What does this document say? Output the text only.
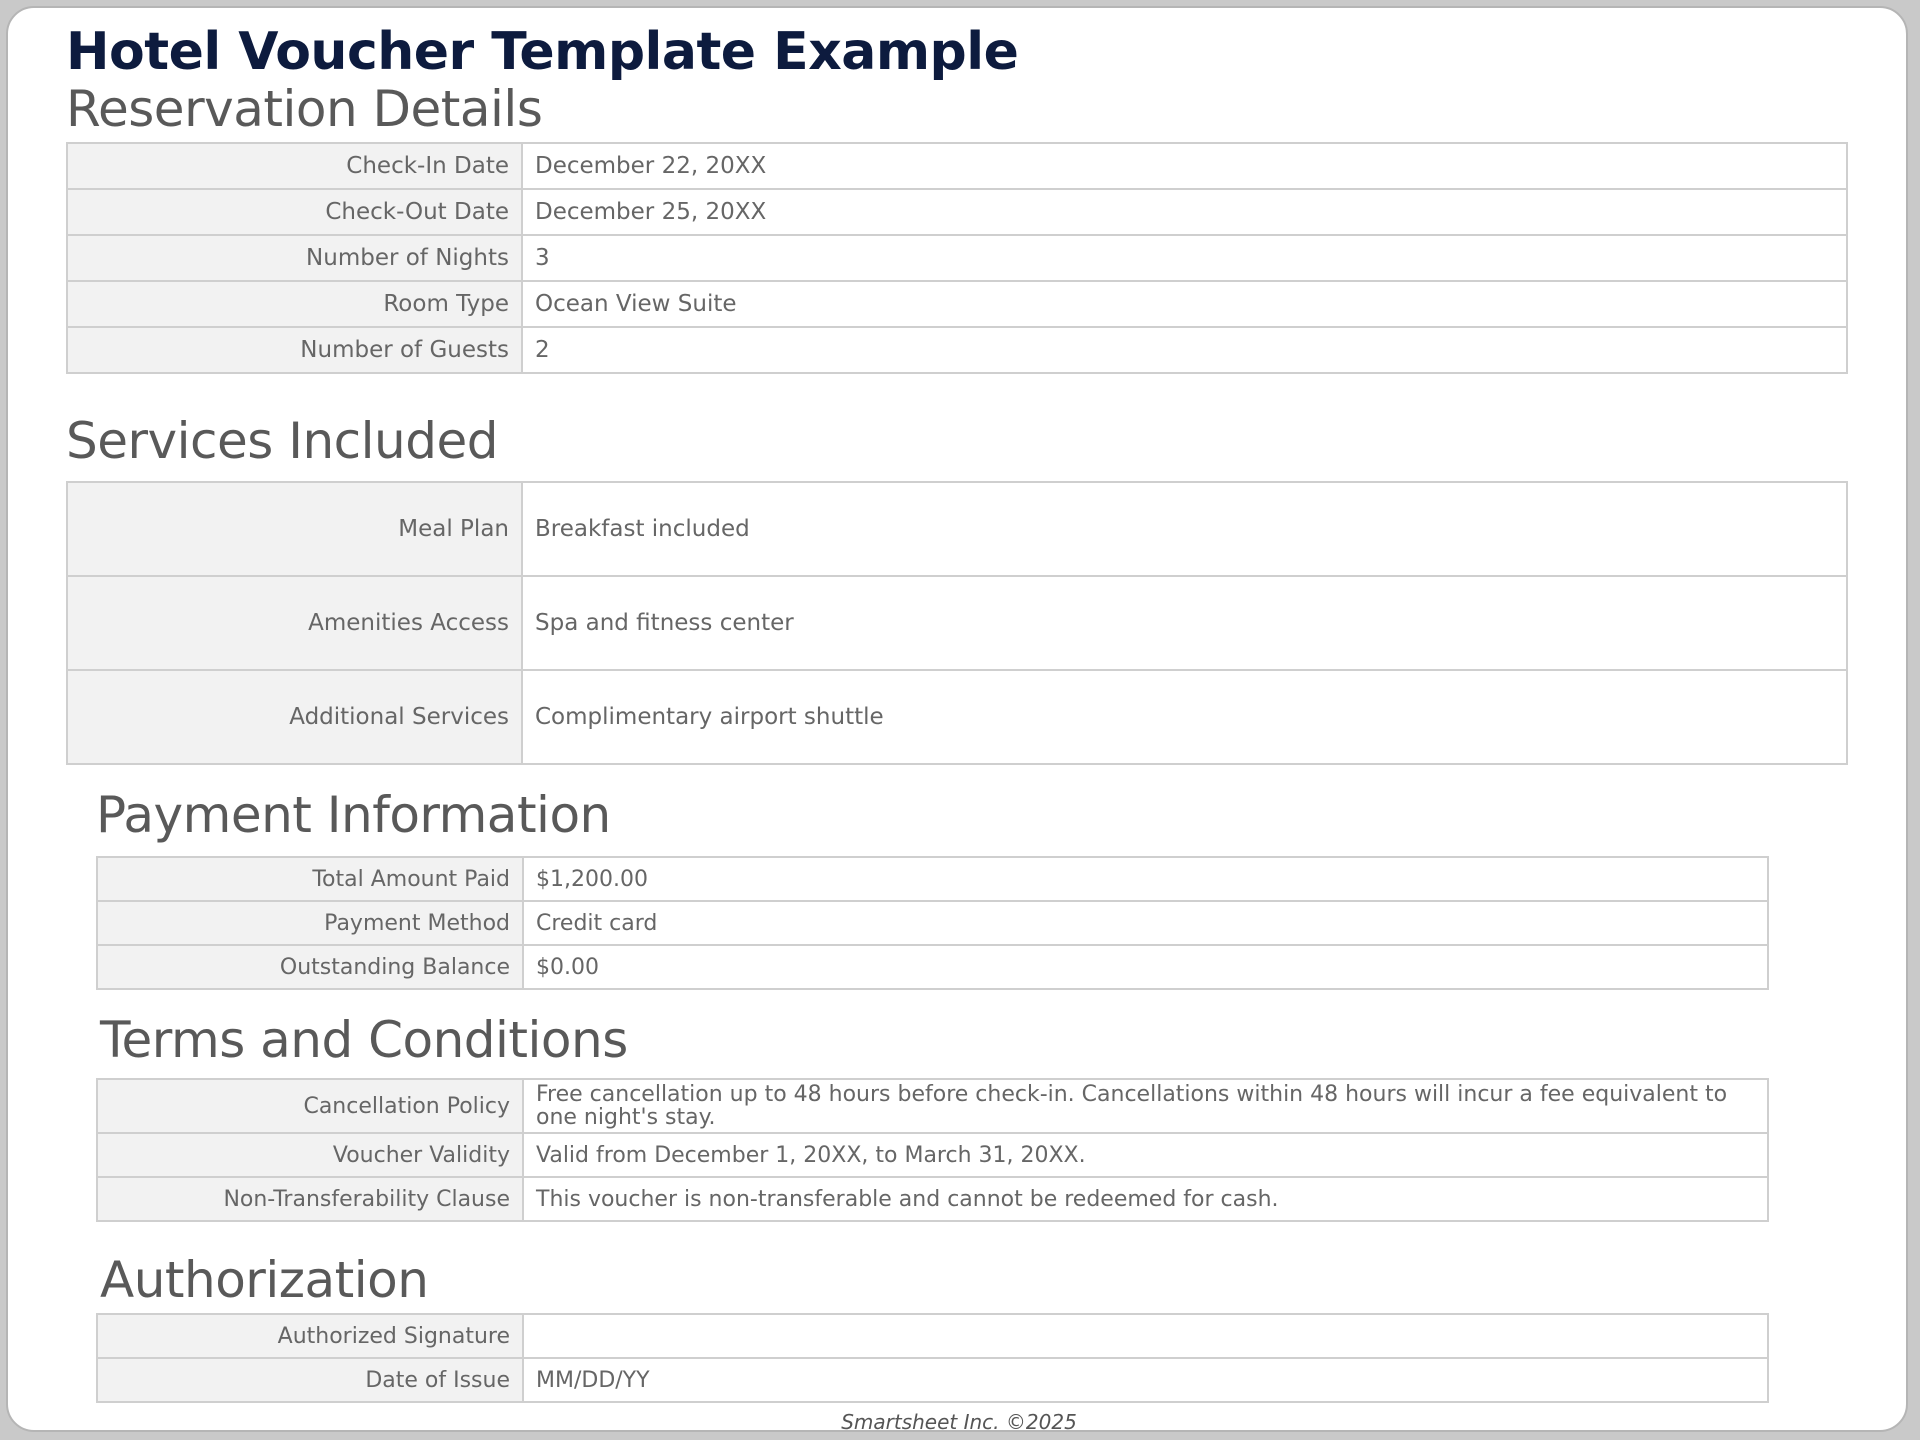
Hotel Voucher Template Example
Reservation Details
Check-In Date	December 22, 20XX
Check-Out Date	December 25, 20XX
Number of Nights	3
Room Type	Ocean View Suite
Number of Guests	2
Services Included
Meal Plan	Breakfast included
Amenities Access	Spa and fitness center
Additional Services	Complimentary airport shuttle
Payment Information
Total Amount Paid	$1,200.00
Payment Method	Credit card
Outstanding Balance	$0.00
Terms and Conditions
Cancellation Policy	Free cancellation up to 48 hours before check-in. Cancellations within 48 hours will incur a fee equivalent to one night's stay.
Voucher Validity	Valid from December 1, 20XX, to March 31, 20XX.
Non-Transferability Clause	This voucher is non-transferable and cannot be redeemed for cash.
Authorization
Authorized Signature	
Date of Issue	MM/DD/YY
Smartsheet Inc. ©2025
